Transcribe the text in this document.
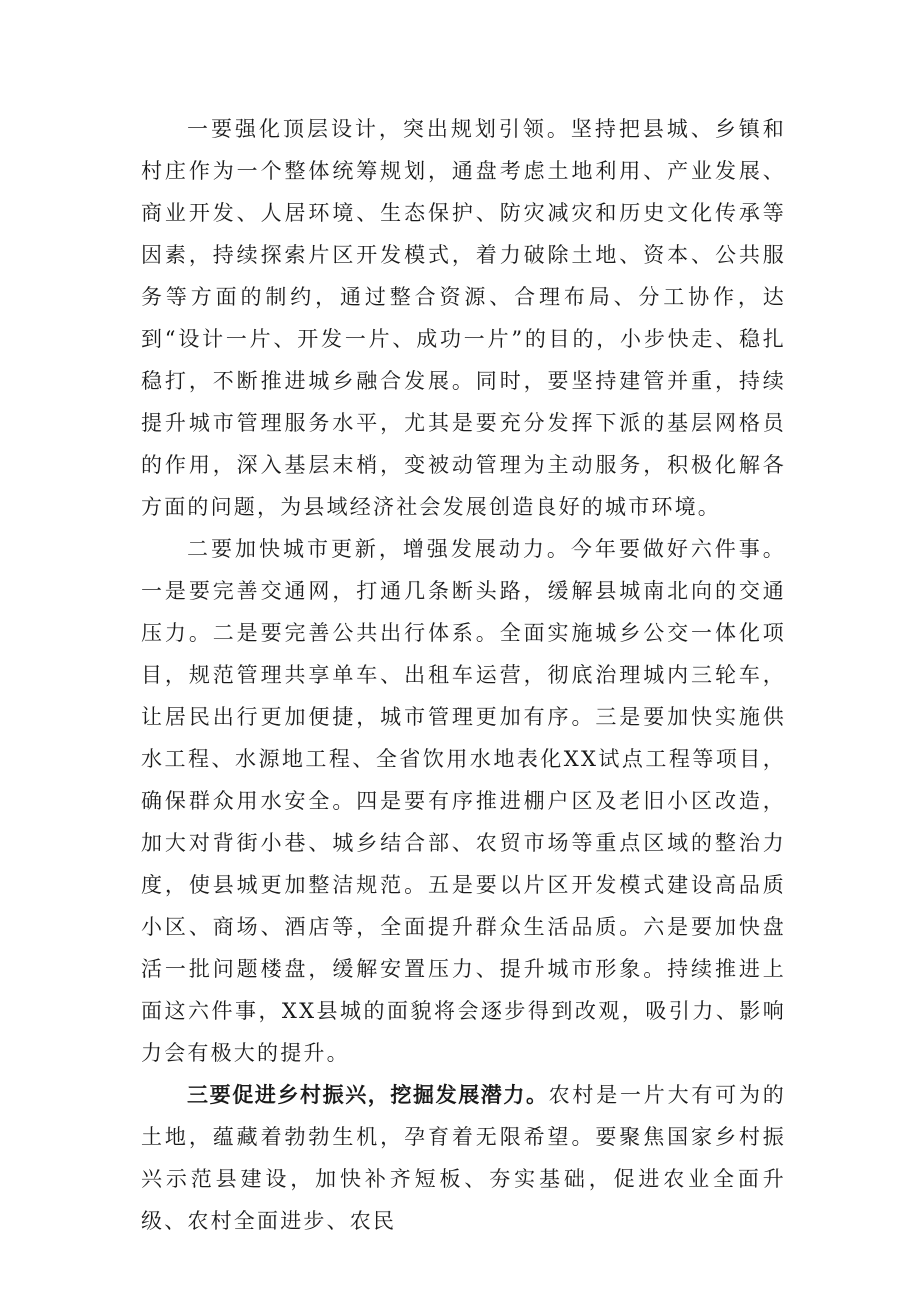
一要强化顶层设计，突出规划引领。坚持把县城、乡镇和村庄作为一个整体统筹规划，通盘考虑土地利用、产业发展、商业开发、人居环境、生态保护、防灾减灾和历史文化传承等因素，持续探索片区开发模式，着力破除土地、资本、公共服务等方面的制约，通过整合资源、合理布局、分工协作，达到“设计一片、开发一片、成功一片”的目的，小步快走、稳扎稳打，不断推进城乡融合发展。同时，要坚持建管并重，持续提升城市管理服务水平，尤其是要充分发挥下派的基层网格员的作用，深入基层末梢，变被动管理为主动服务，积极化解各方面的问题，为县域经济社会发展创造良好的城市环境。

二要加快城市更新，增强发展动力。今年要做好六件事。一是要完善交通网，打通几条断头路，缓解县城南北向的交通压力。二是要完善公共出行体系。全面实施城乡公交一体化项目，规范管理共享单车、出租车运营，彻底治理城内三轮车，让居民出行更加便捷，城市管理更加有序。三是要加快实施供水工程、水源地工程、全省饮用水地表化XX试点工程等项目，确保群众用水安全。四是要有序推进棚户区及老旧小区改造，加大对背街小巷、城乡结合部、农贸市场等重点区域的整治力度，使县城更加整洁规范。五是要以片区开发模式建设高品质小区、商场、酒店等，全面提升群众生活品质。六是要加快盘活一批问题楼盘，缓解安置压力、提升城市形象。持续推进上面这六件事，XX县城的面貌将会逐步得到改观，吸引力、影响力会有极大的提升。

三要促进乡村振兴，挖掘发展潜力。农村是一片大有可为的土地，蕴藏着勃勃生机，孕育着无限希望。要聚焦国家乡村振兴示范县建设，加快补齐短板、夯实基础，促进农业全面升级、农村全面进步、农民
